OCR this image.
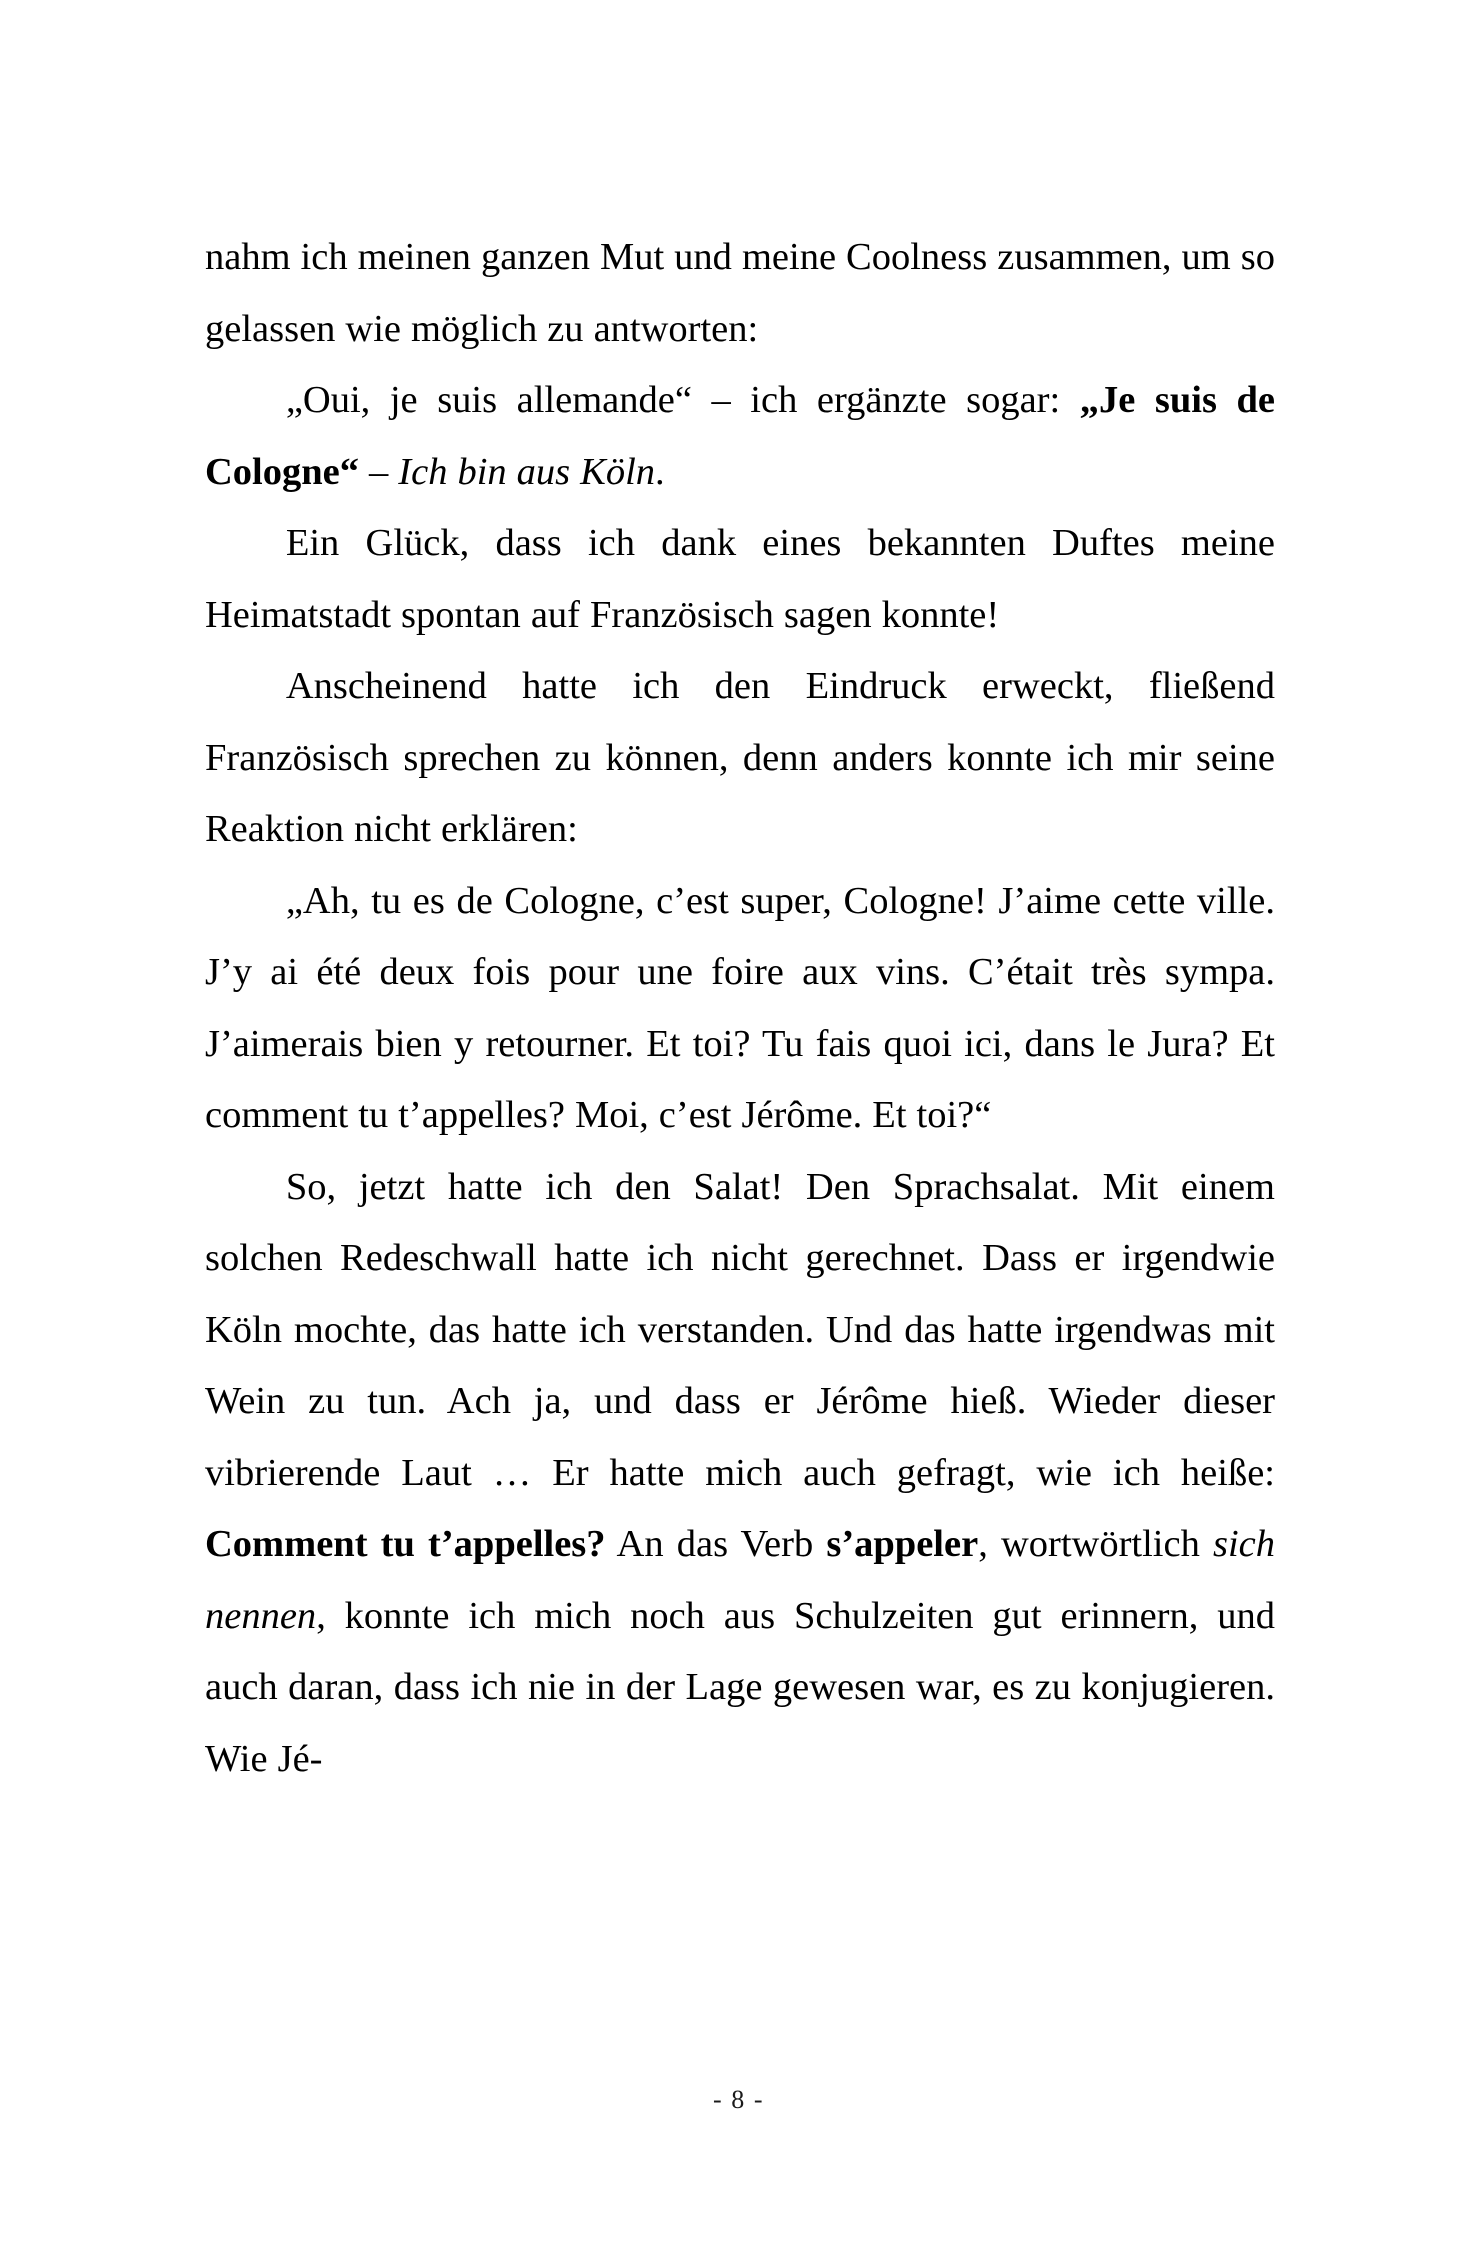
nahm ich meinen ganzen Mut und meine Coolness zusammen, um so gelassen wie möglich zu antworten:

„Oui, je suis allemande“ – ich ergänzte sogar: „Je suis de Cologne“ – Ich bin aus Köln.

Ein Glück, dass ich dank eines bekannten Duftes meine Heimatstadt spontan auf Französisch sagen konnte!

Anscheinend hatte ich den Eindruck erweckt, fließend Französisch sprechen zu können, denn anders konnte ich mir seine Reaktion nicht erklären:

„Ah, tu es de Cologne, c’est super, Cologne! J’aime cette ville. J’y ai été deux fois pour une foire aux vins. C’était très sympa. J’aimerais bien y retourner. Et toi? Tu fais quoi ici, dans le Jura? Et comment tu t’appelles? Moi, c’est Jérôme. Et toi?“

So, jetzt hatte ich den Salat! Den Sprachsalat. Mit einem solchen Redeschwall hatte ich nicht gerechnet. Dass er irgendwie Köln mochte, das hatte ich verstanden. Und das hatte irgendwas mit Wein zu tun. Ach ja, und dass er Jérôme hieß. Wieder dieser vibrierende Laut … Er hatte mich auch gefragt, wie ich heiße: Comment tu t’appelles? An das Verb s’appeler, wortwörtlich sich nennen, konnte ich mich noch aus Schulzeiten gut erinnern, und auch daran, dass ich nie in der Lage gewesen war, es zu konjugieren. Wie Jé-

- 8 -
